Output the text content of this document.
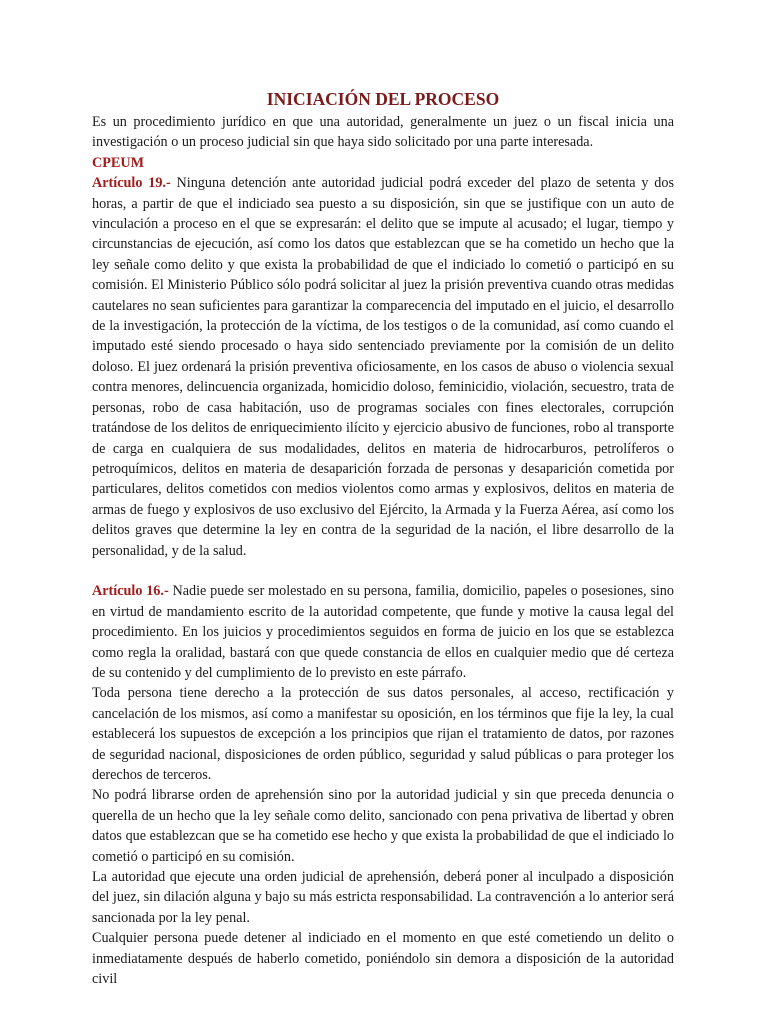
INICIACIÓN DEL PROCESO

Es un procedimiento jurídico en que una autoridad, generalmente un juez o un fiscal inicia una investigación o un proceso judicial sin que haya sido solicitado por una parte interesada.

CPEUM

Artículo 19.- Ninguna detención ante autoridad judicial podrá exceder del plazo de setenta y dos horas, a partir de que el indiciado sea puesto a su disposición, sin que se justifique con un auto de vinculación a proceso en el que se expresarán: el delito que se impute al acusado; el lugar, tiempo y circunstancias de ejecución, así como los datos que establezcan que se ha cometido un hecho que la ley señale como delito y que exista la probabilidad de que el indiciado lo cometió o participó en su comisión. El Ministerio Público sólo podrá solicitar al juez la prisión preventiva cuando otras medidas cautelares no sean suficientes para garantizar la comparecencia del imputado en el juicio, el desarrollo de la investigación, la protección de la víctima, de los testigos o de la comunidad, así como cuando el imputado esté siendo procesado o haya sido sentenciado previamente por la comisión de un delito doloso. El juez ordenará la prisión preventiva oficiosamente, en los casos de abuso o violencia sexual contra menores, delincuencia organizada, homicidio doloso, feminicidio, violación, secuestro, trata de personas, robo de casa habitación, uso de programas sociales con fines electorales, corrupción tratándose de los delitos de enriquecimiento ilícito y ejercicio abusivo de funciones, robo al transporte de carga en cualquiera de sus modalidades, delitos en materia de hidrocarburos, petrolíferos o petroquímicos, delitos en materia de desaparición forzada de personas y desaparición cometida por particulares, delitos cometidos con medios violentos como armas y explosivos, delitos en materia de armas de fuego y explosivos de uso exclusivo del Ejército, la Armada y la Fuerza Aérea, así como los delitos graves que determine la ley en contra de la seguridad de la nación, el libre desarrollo de la personalidad, y de la salud.

Artículo 16.- Nadie puede ser molestado en su persona, familia, domicilio, papeles o posesiones, sino en virtud de mandamiento escrito de la autoridad competente, que funde y motive la causa legal del procedimiento. En los juicios y procedimientos seguidos en forma de juicio en los que se establezca como regla la oralidad, bastará con que quede constancia de ellos en cualquier medio que dé certeza de su contenido y del cumplimiento de lo previsto en este párrafo.

Toda persona tiene derecho a la protección de sus datos personales, al acceso, rectificación y cancelación de los mismos, así como a manifestar su oposición, en los términos que fije la ley, la cual establecerá los supuestos de excepción a los principios que rijan el tratamiento de datos, por razones de seguridad nacional, disposiciones de orden público, seguridad y salud públicas o para proteger los derechos de terceros.

No podrá librarse orden de aprehensión sino por la autoridad judicial y sin que preceda denuncia o querella de un hecho que la ley señale como delito, sancionado con pena privativa de libertad y obren datos que establezcan que se ha cometido ese hecho y que exista la probabilidad de que el indiciado lo cometió o participó en su comisión.

La autoridad que ejecute una orden judicial de aprehensión, deberá poner al inculpado a disposición del juez, sin dilación alguna y bajo su más estricta responsabilidad. La contravención a lo anterior será sancionada por la ley penal.

Cualquier persona puede detener al indiciado en el momento en que esté cometiendo un delito o inmediatamente después de haberlo cometido, poniéndolo sin demora a disposición de la autoridad civil
